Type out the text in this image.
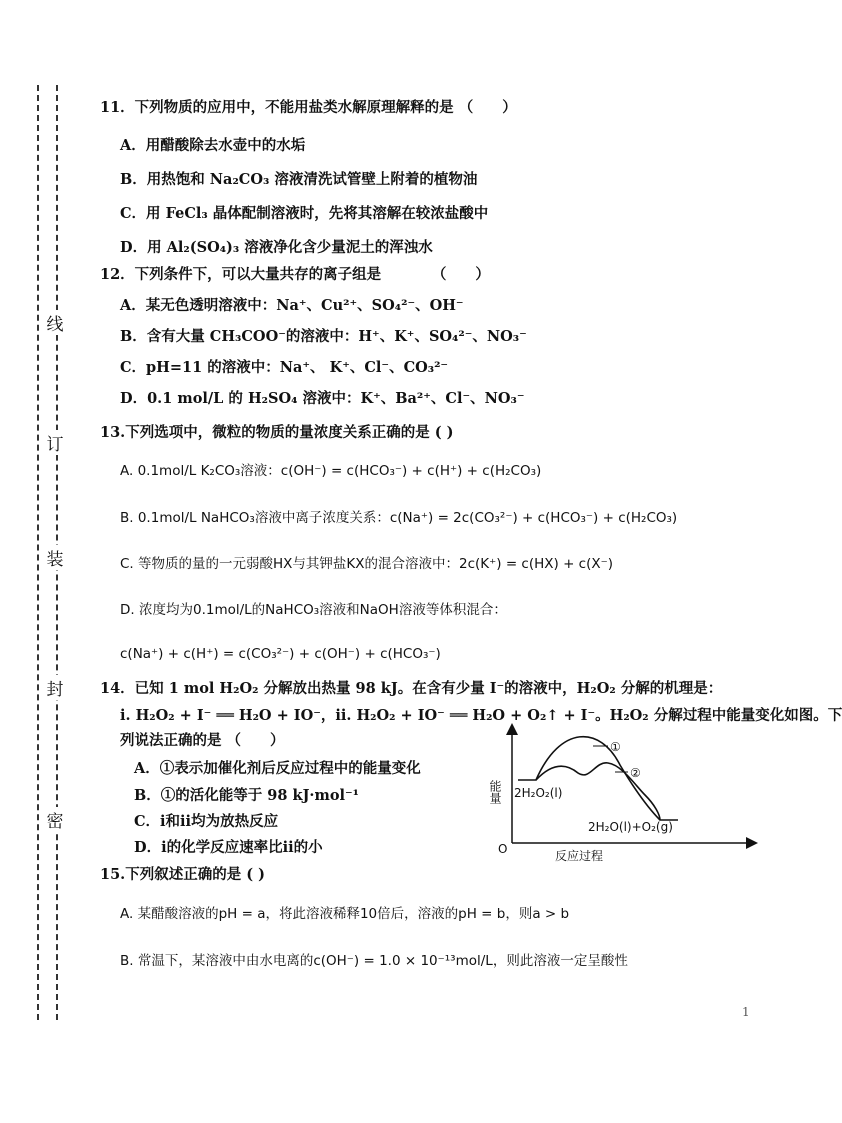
线
订
装
封
密
11．下列物质的应用中，不能用盐类水解原理解释的是 （　　）
A．用醋酸除去水壶中的水垢
B．用热饱和 Na₂CO₃ 溶液清洗试管壁上附着的植物油
C．用 FeCl₃ 晶体配制溶液时，先将其溶解在较浓盐酸中
D．用 Al₂(SO₄)₃ 溶液净化含少量泥土的浑浊水
12．下列条件下，可以大量共存的离子组是　　　　（　　）
A．某无色透明溶液中：Na⁺、Cu²⁺、SO₄²⁻、OH⁻
B．含有大量 CH₃COO⁻的溶液中：H⁺、K⁺、SO₄²⁻、NO₃⁻
C．pH=11 的溶液中：Na⁺、 K⁺、Cl⁻、CO₃²⁻
D．0.1 mol/L 的 H₂SO₄ 溶液中：K⁺、Ba²⁺、Cl⁻、NO₃⁻
13.下列选项中，微粒的物质的量浓度关系正确的是 ( )
A. 0.1mol/L K₂CO₃溶液：c(OH⁻) = c(HCO₃⁻) + c(H⁺) + c(H₂CO₃)
B. 0.1mol/L NaHCO₃溶液中离子浓度关系：c(Na⁺) = 2c(CO₃²⁻) + c(HCO₃⁻) + c(H₂CO₃)
C. 等物质的量的一元弱酸HX与其钾盐KX的混合溶液中：2c(K⁺) = c(HX) + c(X⁻)
D. 浓度均为0.1mol/L的NaHCO₃溶液和NaOH溶液等体积混合：
c(Na⁺) + c(H⁺) = c(CO₃²⁻) + c(OH⁻) + c(HCO₃⁻)
14．已知 1 mol H₂O₂ 分解放出热量 98 kJ。在含有少量 I⁻的溶液中，H₂O₂ 分解的机理是：
i. H₂O₂ + I⁻ ══ H₂O + IO⁻，ii. H₂O₂ + IO⁻ ══ H₂O + O₂↑ + I⁻。H₂O₂ 分解过程中能量变化如图。下
列说法正确的是 （　　）
A．①表示加催化剂后反应过程中的能量变化
B．①的活化能等于 98 kJ·mol⁻¹
C．i和ii均为放热反应
D．i的化学反应速率比ii的小	O
能量
反应过程
①
②
2H₂O₂(l)
2H₂O(l)+O₂(g)
15.下列叙述正确的是 ( )
A. 某醋酸溶液的pH = a，将此溶液稀释10倍后，溶液的pH = b，则a > b
B. 常温下，某溶液中由水电离的c(OH⁻) = 1.0 × 10⁻¹³mol/L，则此溶液一定呈酸性
1
